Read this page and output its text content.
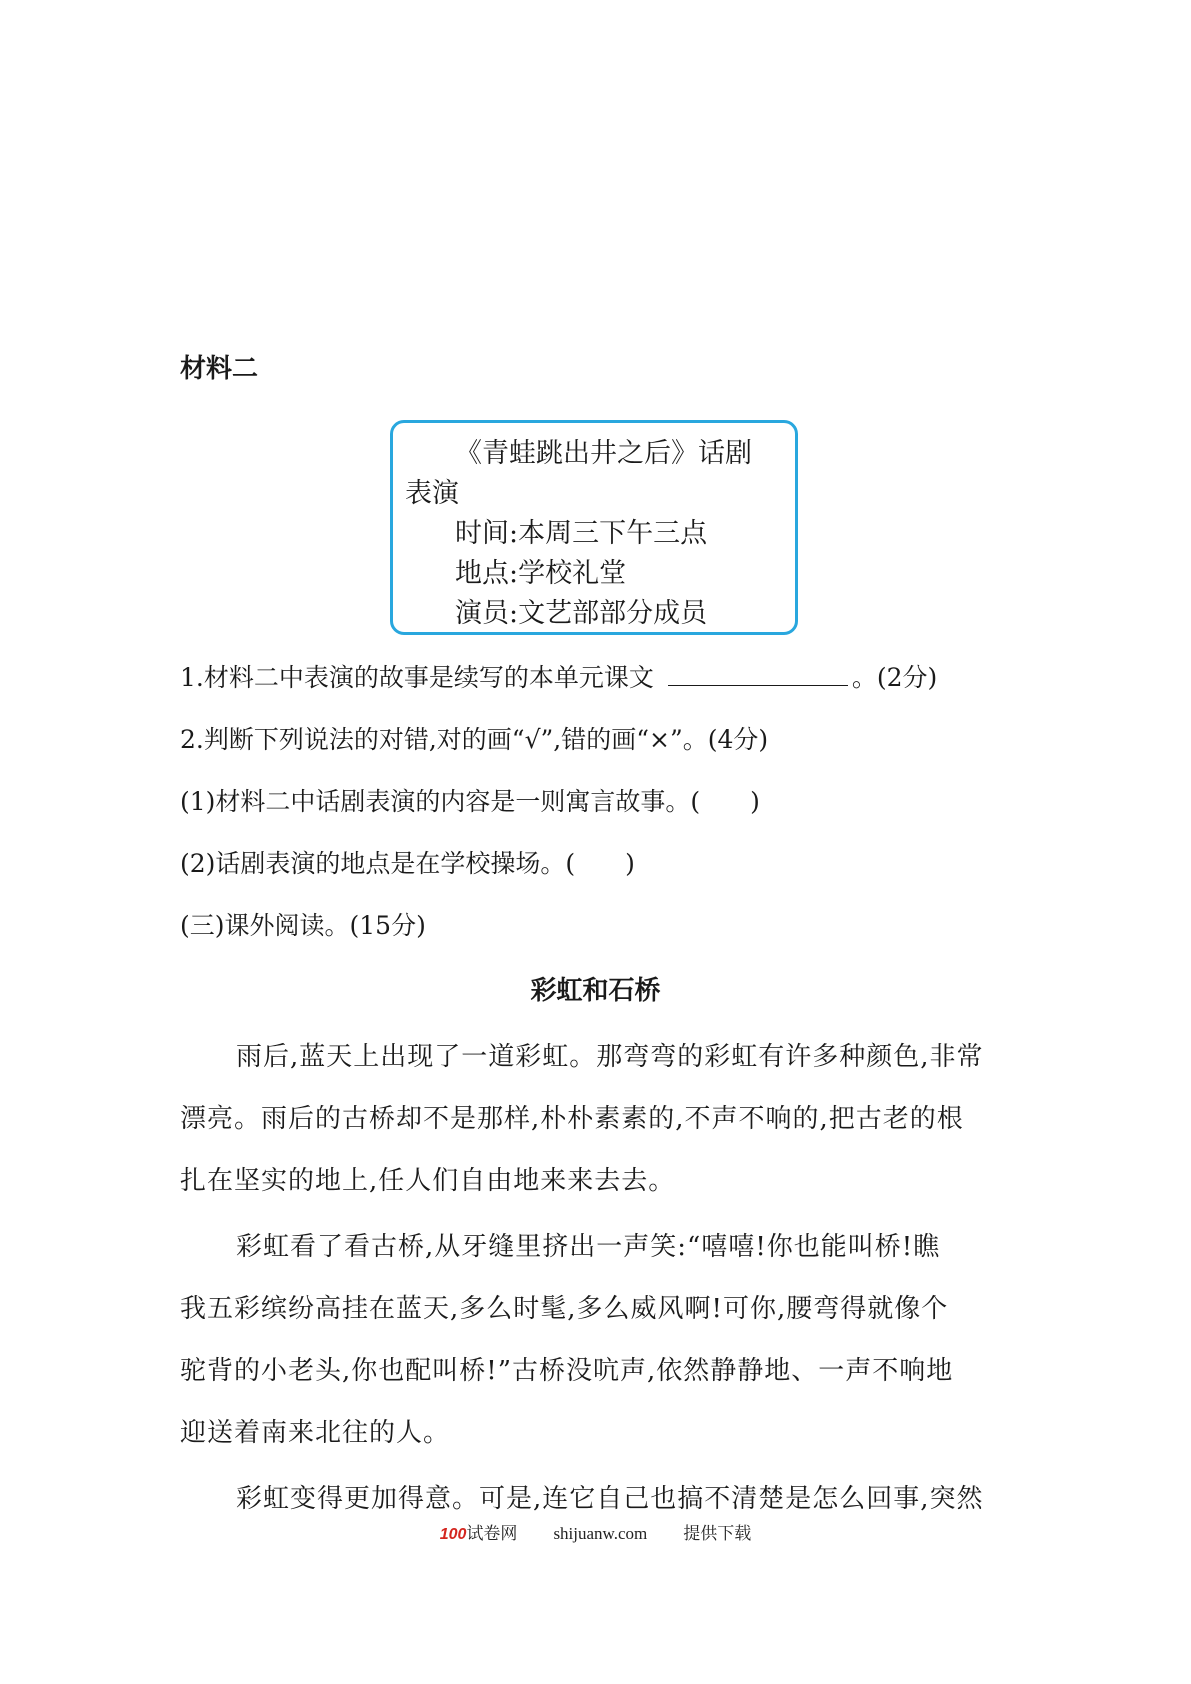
材料二
《青蛙跳出井之后》话剧
表演
时间:本周三下午三点
地点:学校礼堂
演员:文艺部部分成员
1.材料二中表演的故事是续写的本单元课文	。(2分)
2.判断下列说法的对错,对的画“√”,错的画“×”。(4分)
(1)材料二中话剧表演的内容是一则寓言故事。( )
(2)话剧表演的地点是在学校操场。( )
(三)课外阅读。(15分)
彩虹和石桥
雨后,蓝天上出现了一道彩虹。那弯弯的彩虹有许多种颜色,非常
漂亮。雨后的古桥却不是那样,朴朴素素的,不声不响的,把古老的根
扎在坚实的地上,任人们自由地来来去去。
彩虹看了看古桥,从牙缝里挤出一声笑:“嘻嘻!你也能叫桥!瞧
我五彩缤纷高挂在蓝天,多么时髦,多么威风啊!可你,腰弯得就像个
驼背的小老头,你也配叫桥!”古桥没吭声,依然静静地、一声不响地
迎送着南来北往的人。
彩虹变得更加得意。可是,连它自己也搞不清楚是怎么回事,突然
100试卷网 shijuanw.com 提供下载
